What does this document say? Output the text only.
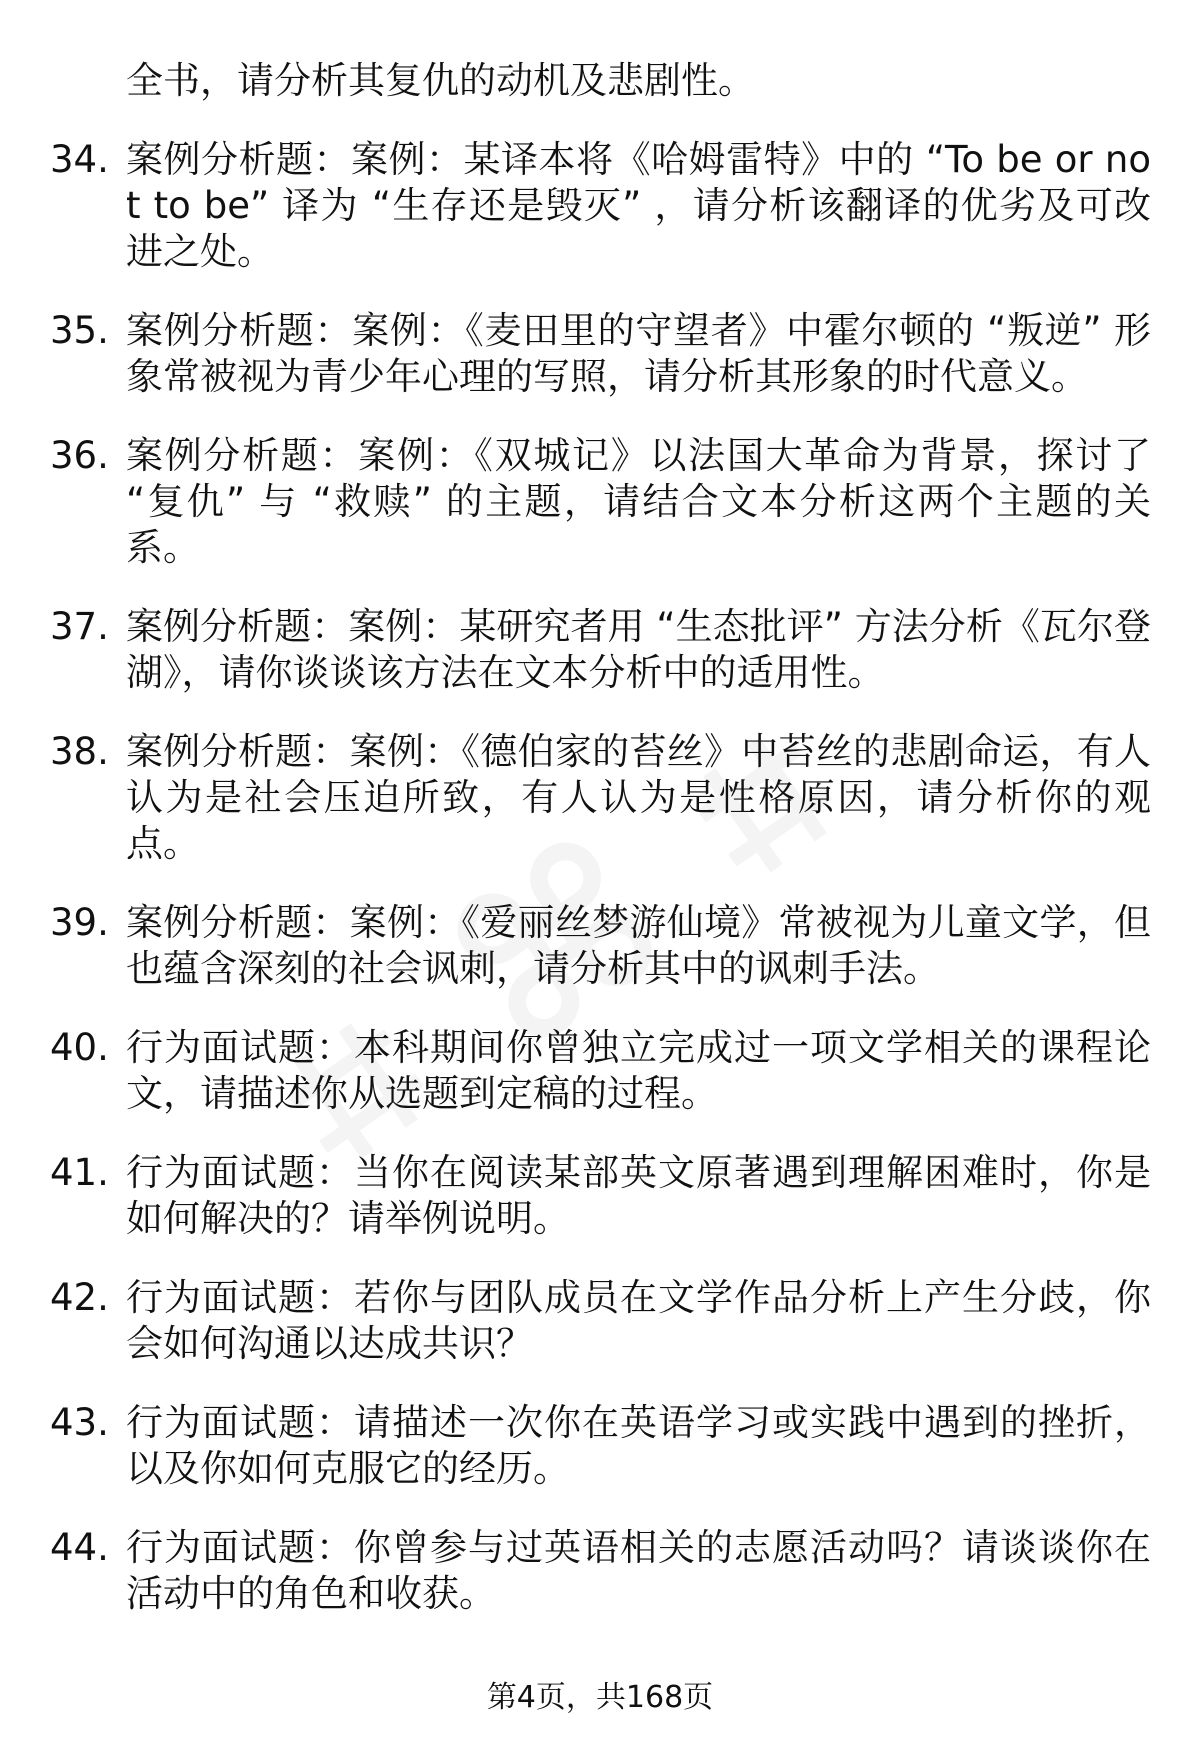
全书，请分析其复仇的动机及悲剧性。
34. 案例分析题：案例：某译本将《哈姆雷特》中的 “To be or not to be” 译为 “生存还是毁灭” ，请分析该翻译的优劣及可改进之处。
35. 案例分析题：案例：《麦田里的守望者》中霍尔顿的 “叛逆” 形象常被视为青少年心理的写照，请分析其形象的时代意义。
36. 案例分析题：案例：《双城记》以法国大革命为背景，探讨了 “复仇” 与 “救赎” 的主题，请结合文本分析这两个主题的关系。
37. 案例分析题：案例：某研究者用 “生态批评” 方法分析《瓦尔登湖》，请你谈谈该方法在文本分析中的适用性。
38. 案例分析题：案例：《德伯家的苔丝》中苔丝的悲剧命运，有人认为是社会压迫所致，有人认为是性格原因，请分析你的观点。
39. 案例分析题：案例：《爱丽丝梦游仙境》常被视为儿童文学，但也蕴含深刻的社会讽刺，请分析其中的讽刺手法。
40. 行为面试题：本科期间你曾独立完成过一项文学相关的课程论文，请描述你从选题到定稿的过程。
41. 行为面试题：当你在阅读某部英文原著遇到理解困难时，你是如何解决的？请举例说明。
42. 行为面试题：若你与团队成员在文学作品分析上产生分歧，你会如何沟通以达成共识？
43. 行为面试题：请描述一次你在英语学习或实践中遇到的挫折，以及你如何克服它的经历。
44. 行为面试题：你曾参与过英语相关的志愿活动吗？请谈谈你在活动中的角色和收获。
第4页，共168页
